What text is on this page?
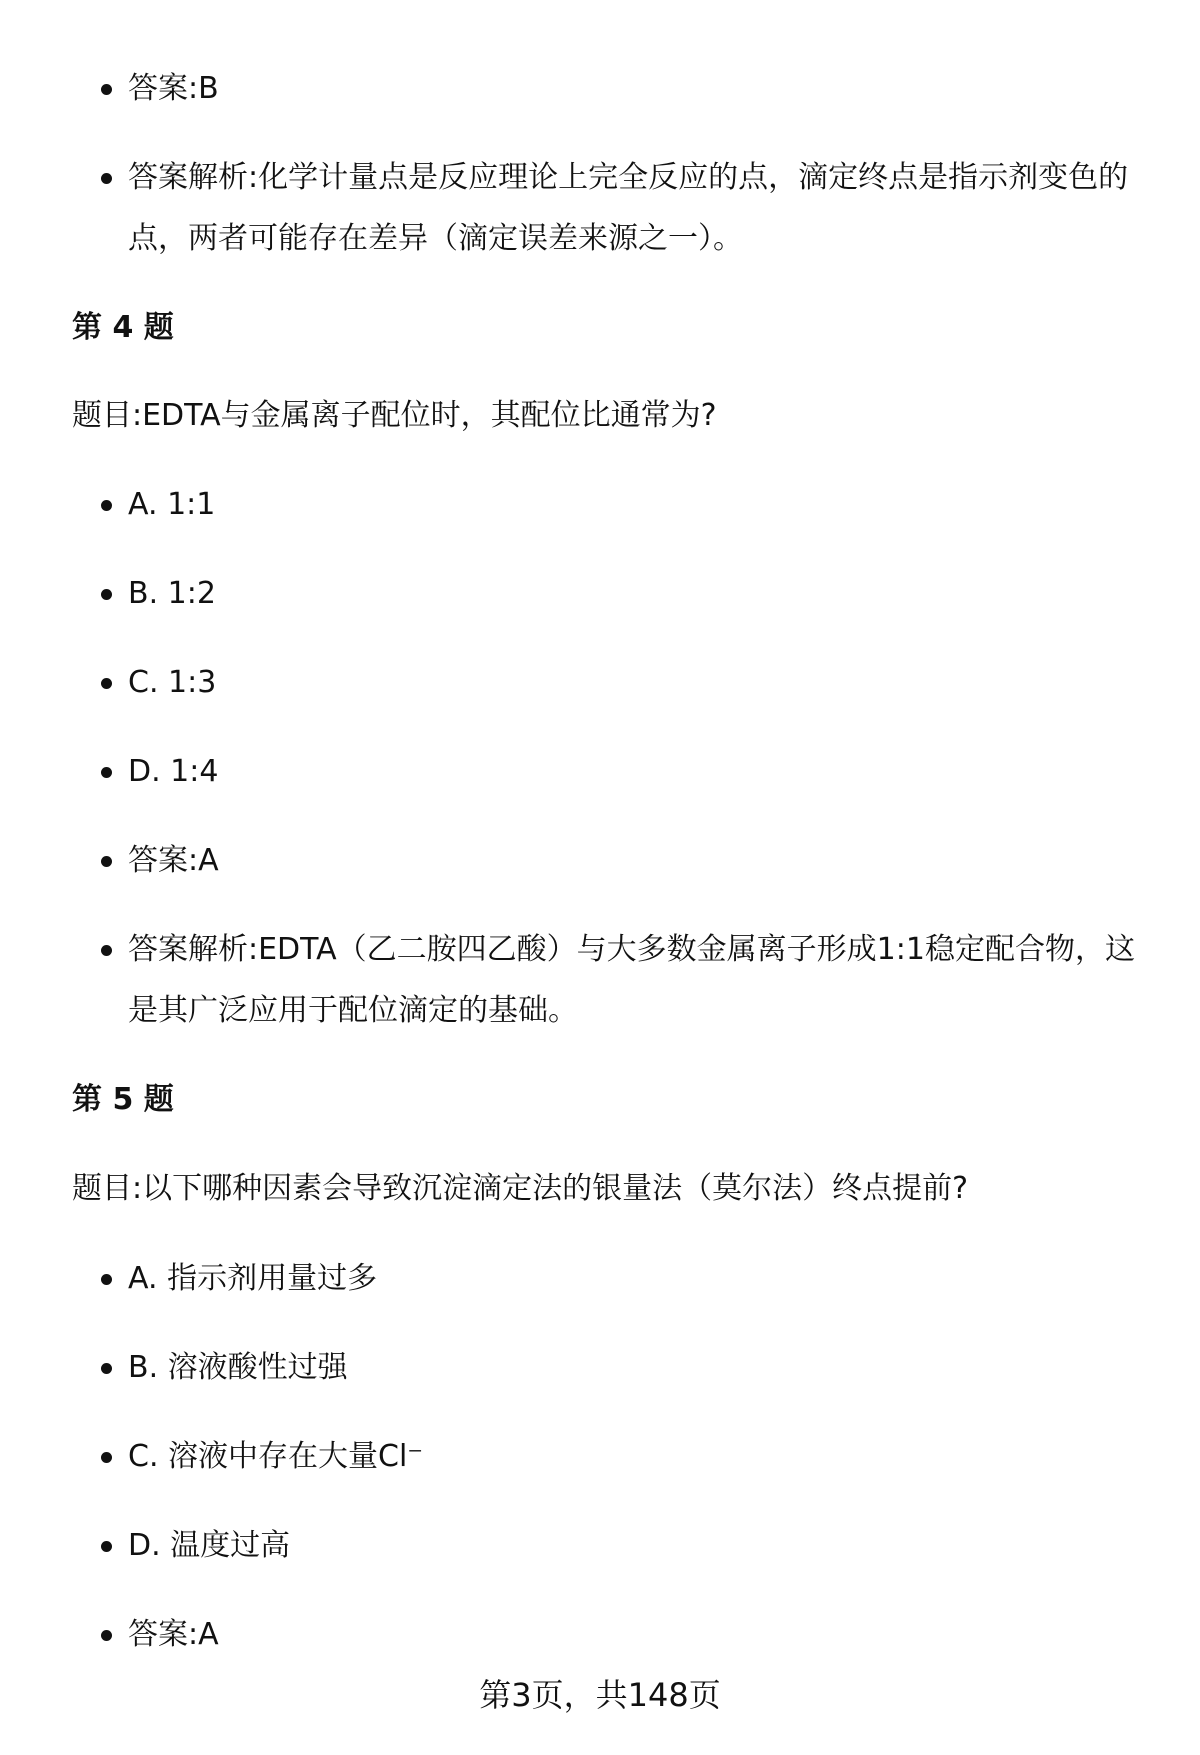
答案:B
答案解析:化学计量点是反应理论上完全反应的点，滴定终点是指示剂变色的点，两者可能存在差异（滴定误差来源之一）。
第 4 题
题目:EDTA与金属离子配位时，其配位比通常为?
A. 1:1
B. 1:2
C. 1:3
D. 1:4
答案:A
答案解析:EDTA（乙二胺四乙酸）与大多数金属离子形成1:1稳定配合物，这是其广泛应用于配位滴定的基础。
第 5 题
题目:以下哪种因素会导致沉淀滴定法的银量法（莫尔法）终点提前?
A. 指示剂用量过多
B. 溶液酸性过强
C. 溶液中存在大量Cl⁻
D. 温度过高
答案:A
第3页，共148页
